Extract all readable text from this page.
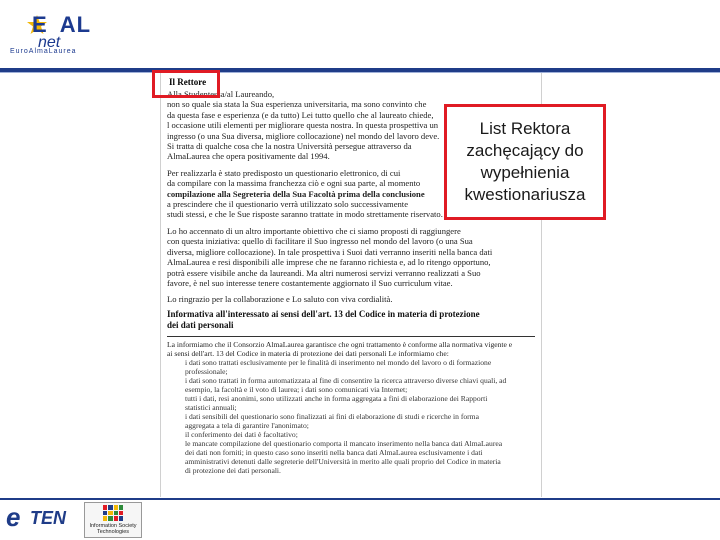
E AL
net
EuroAlmaLaurea
Il Rettore
Alla Studentessa/al Laureando,
non so quale sia stata la Sua esperienza universitaria, ma sono convinto che
da questa fase e esperienza (e da tutto) Lei tutto quello che al laureato chiede,
l occasione utili elementi per migliorare questa nostra. In questa prospettiva un
ingresso (o una Sua diversa, migliore collocazione) nel mondo del lavoro deve.
Si tratta di qualche cosa che la nostra Università persegue attraverso da
AlmaLaurea che opera positivamente dal 1994.
Per realizzarla è stato predisposto un questionario elettronico, di cui
da compilare con la massima franchezza ciò e ogni sua parte, al momento
compilazione alla Segreteria della Sua Facoltà prima della conclusione
a prescindere che il questionario verrà utilizzato solo successivamente
studi stessi, e che le Sue risposte saranno trattate in modo strettamente riservato.
Lo ho accennato di un altro importante obiettivo che ci siamo proposti di raggiungere
con questa iniziativa: quello di facilitare il Suo ingresso nel mondo del lavoro (o una Sua
diversa, migliore collocazione). In tale prospettiva i Suoi dati verranno inseriti nella banca dati
AlmaLaurea e resi disponibili alle imprese che ne faranno richiesta e, ad lo ritengo opportuno,
potrà essere visibile anche da laureandi. Ma altri numerosi servizi verranno realizzati a Suo
favore, è nel suo interesse tenere costantemente aggiornato il Suo curriculum vitae.
Lo ringrazio per la collaborazione e Lo saluto con viva cordialità.
Informativa all'interessato ai sensi dell'art. 13 del Codice in materia di protezione
dei dati personali
La informiamo che il Consorzio AlmaLaurea garantisce che ogni trattamento è conforme alla normativa vigente e
ai sensi dell'art. 13 del Codice in materia di protezione dei dati personali Le informiamo che:
• i dati sono trattati esclusivamente per le finalità di inserimento nel mondo del lavoro o di formazione
• professionale;
• i dati sono trattati in forma automatizzata al fine di consentire la ricerca attraverso diverse chiavi quali, ad
• esempio, la facoltà e il voto di laurea; i dati sono comunicati via Internet;
• tutti i dati, resi anonimi, sono utilizzati anche in forma aggregata a fini di elaborazione dei Rapporti
• statistici annuali;
• i dati sensibili del questionario sono finalizzati ai fini di elaborazione di studi e ricerche in forma
• aggregata a tela di garantire l'anonimato;
• il conferimento dei dati è facoltativo;
• le mancate compilazione del questionario comporta il mancato inserimento nella banca dati AlmaLaurea
• dei dati non forniti; in questo caso sono inseriti nella banca dati AlmaLaurea esclusivamente i dati
• amministrativi detenuti dalle segreterie dell'Università in merito alle quali proprio del Codice in materia
• di protezione dei dati personali.
List Rektora zachęcający do wypełnienia kwestionariusza
e TEN	Information Society Technologies
